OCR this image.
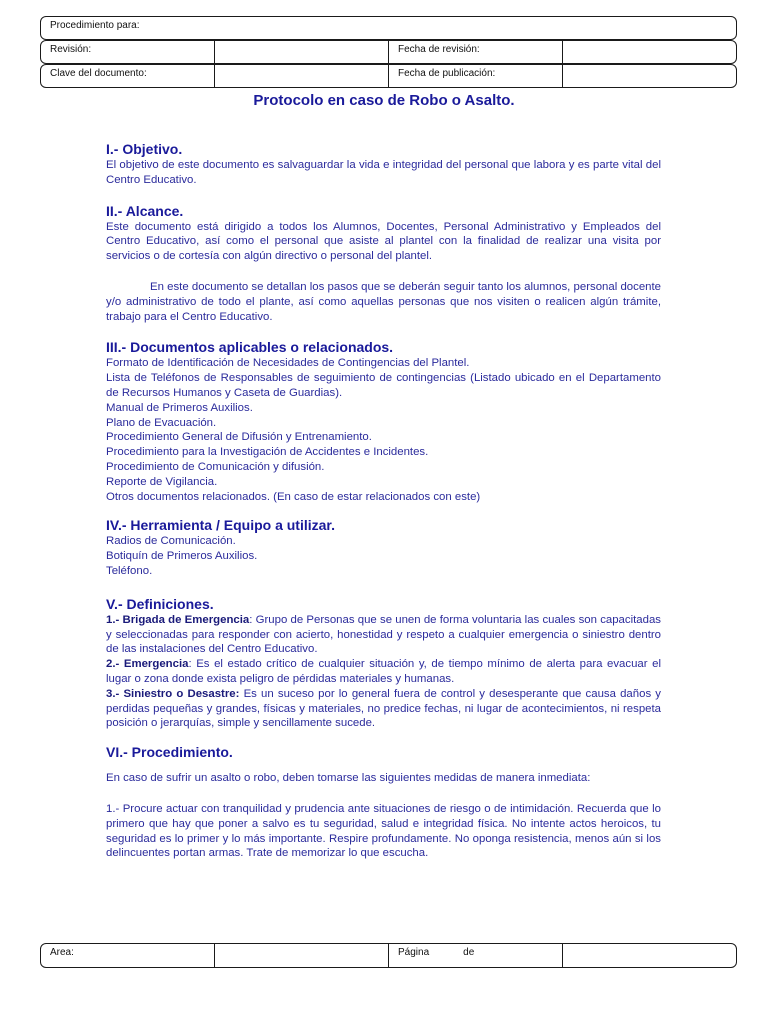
Procedimiento para:
Revisión:	Fecha de revisión:
Clave del documento:	Fecha de publicación:
Protocolo en caso de Robo o Asalto.
I.- Objetivo.

El objetivo de este documento es salvaguardar la vida e integridad del personal que labora y es parte vital del Centro Educativo.

II.- Alcance.

Este documento está dirigido a todos los Alumnos, Docentes, Personal Administrativo y Empleados del Centro Educativo, así como el personal que asiste al plantel con la finalidad de realizar una visita por servicios o de cortesía con algún directivo o personal del plantel.

En este documento se detallan los pasos que se deberán seguir tanto los alumnos, personal docente y/o administrativo de todo el plante, así como aquellas personas que nos visiten o realicen algún trámite, trabajo para el Centro Educativo.

III.- Documentos aplicables o relacionados.

Formato de Identificación de Necesidades de Contingencias del Plantel.

Lista de Teléfonos de Responsables de seguimiento de contingencias (Listado ubicado en el Departamento de Recursos Humanos y Caseta de Guardias).

Manual de Primeros Auxilios.

Plano de Evacuación.

Procedimiento General de Difusión y Entrenamiento.

Procedimiento para la Investigación de Accidentes e Incidentes.

Procedimiento de Comunicación y difusión.

Reporte de Vigilancia.

Otros documentos relacionados. (En caso de estar relacionados con este)

IV.- Herramienta / Equipo a utilizar.

Radios de Comunicación.

Botiquín de Primeros Auxilios.

Teléfono.

V.- Definiciones.

1.- Brigada de Emergencia: Grupo de Personas que se unen de forma voluntaria las cuales son capacitadas y seleccionadas para responder con acierto, honestidad y respeto a cualquier emergencia o siniestro dentro de las instalaciones del Centro Educativo.

2.- Emergencia: Es el estado crítico de cualquier situación y, de tiempo mínimo de alerta para evacuar el lugar o zona donde exista peligro de pérdidas materiales y humanas.

3.- Siniestro o Desastre: Es un suceso por lo general fuera de control y desesperante que causa daños y perdidas pequeñas y grandes, físicas y materiales, no predice fechas, ni lugar de acontecimientos, ni respeta posición o jerarquías, simple y sencillamente sucede.

VI.- Procedimiento.

En caso de sufrir un asalto o robo, deben tomarse las siguientes medidas de manera inmediata:

1.- Procure actuar con tranquilidad y prudencia ante situaciones de riesgo o de intimidación. Recuerda que lo primero que hay que poner a salvo es tu seguridad, salud e integridad física. No intente actos heroicos, tu seguridad es lo primer y lo más importante. Respire profundamente. No oponga resistencia, menos aún si los delincuentes portan armas. Trate de memorizar lo que escucha.

Area:	Página	de
